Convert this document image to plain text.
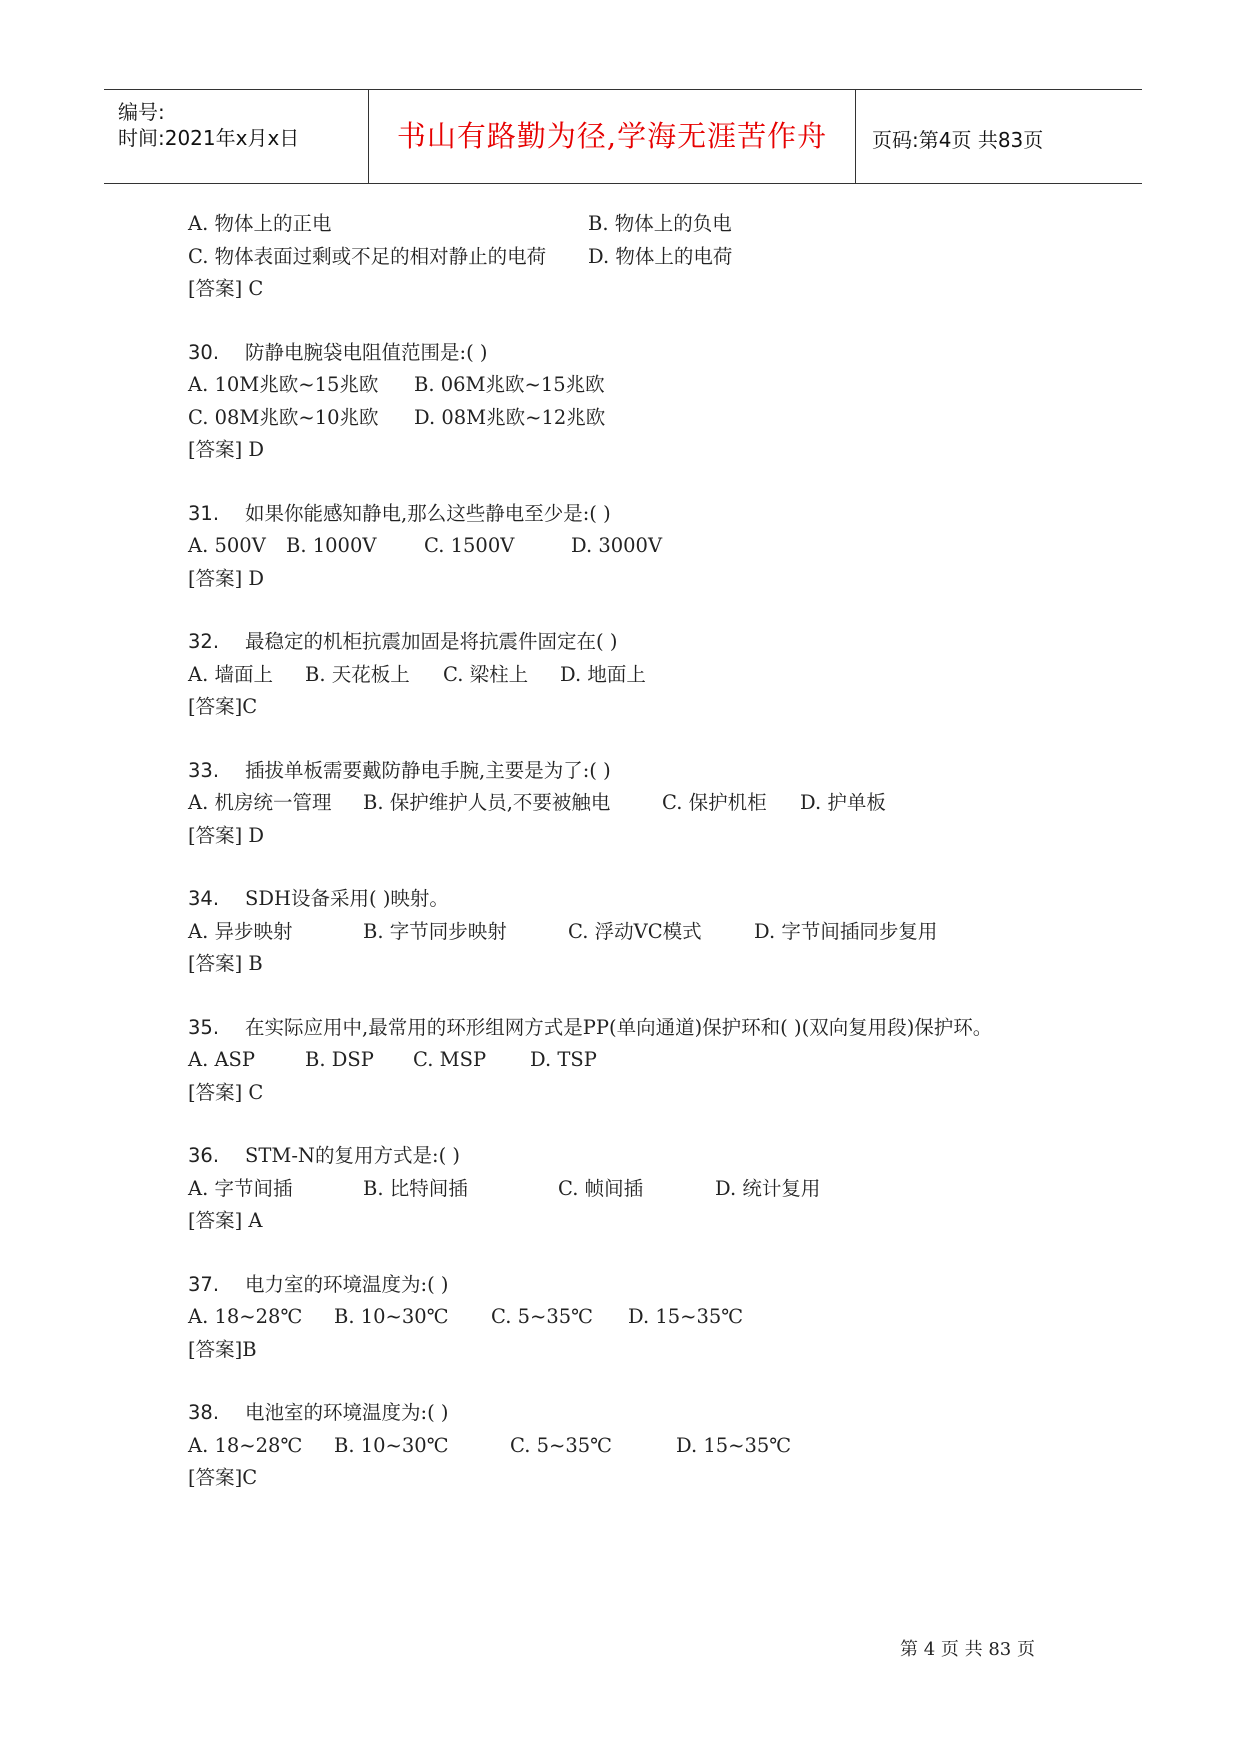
编号:
时间:2021年x月x日	书山有路勤为径,学海无涯苦作舟	页码:第4页 共83页
A. 物体上的正电	B. 物体上的负电
C. 物体表面过剩或不足的相对静止的电荷 D. 物体上的电荷
[答案] C
30. 防静电腕袋电阻值范围是:( )
A. 10M兆欧~15兆欧 B. 06M兆欧~15兆欧
C. 08M兆欧~10兆欧 D. 08M兆欧~12兆欧
[答案] D
31. 如果你能感知静电,那么这些静电至少是:( )
A. 500V B. 1000V C. 1500V	D. 3000V
[答案] D
32. 最稳定的机柜抗震加固是将抗震件固定在( )
A. 墙面上 B. 天花板上 C. 梁柱上 D. 地面上
[答案]C
33. 插拔单板需要戴防静电手腕,主要是为了:( )
A. 机房统一管理 B. 保护维护人员,不要被触电	C. 保护机柜 D. 护单板
[答案] D
34. SDH设备采用( )映射。
A. 异步映射	B. 字节同步映射	C. 浮动VC模式	D. 字节间插同步复用
[答案] B
35. 在实际应用中,最常用的环形组网方式是PP(单向通道)保护环和( )(双向复用段)保护环。
A. ASP	B. DSP C. MSP D. TSP
[答案] C
36. STM-N的复用方式是:( )
A. 字节间插	B. 比特间插	C. 帧间插	D. 统计复用
[答案] A
37. 电力室的环境温度为:( )
A. 18~28℃ B. 10~30℃ C. 5~35℃ D. 15~35℃
[答案]B
38. 电池室的环境温度为:( )
A. 18~28℃ B. 10~30℃	C. 5~35℃	D. 15~35℃
[答案]C
第 4 页 共 83 页
